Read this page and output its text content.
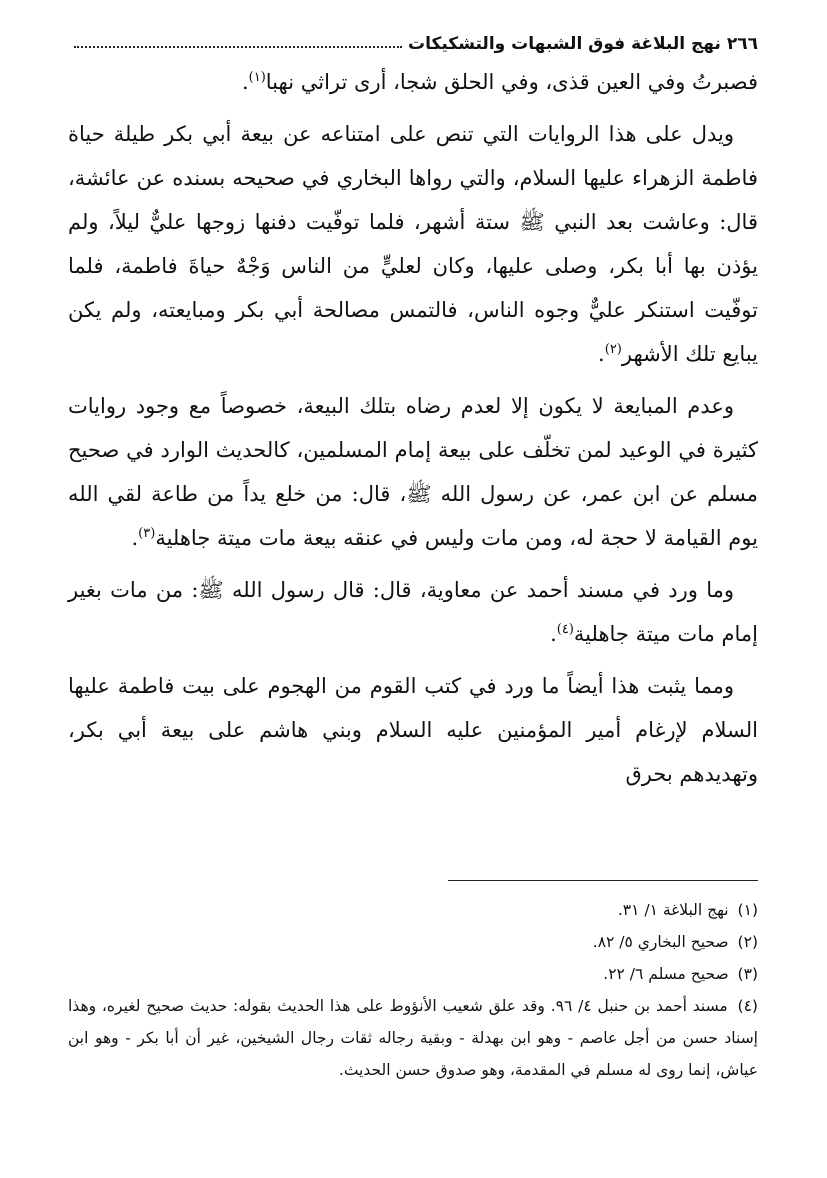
٢٦٦
نهج البلاغة فوق الشبهات والتشكيكات

فصبرتُ وفي العين قذى، وفي الحلق شجا، أرى تراثي نهبا$^{(١)}$.

ويدل على هذا الروايات التي تنص على امتناعه عن بيعة أبي بكر طيلة حياة فاطمة الزهراء عليها السلام، والتي رواها البخاري في صحيحه بسنده عن عائشة، قال: وعاشت بعد النبي ﷺ ستة أشهر، فلما توفّيت دفنها زوجها عليٌّ ليلاً، ولم يؤذن بها أبا بكر، وصلى عليها، وكان لعليٍّ من الناس وَجْهٌ حياةَ فاطمة، فلما توفّيت استنكر عليٌّ وجوه الناس، فالتمس مصالحة أبي بكر ومبايعته، ولم يكن يبايع تلك الأشهر$^{(٢)}$.

وعدم المبايعة لا يكون إلا لعدم رضاه بتلك البيعة، خصوصاً مع وجود روايات كثيرة في الوعيد لمن تخلّف على بيعة إمام المسلمين، كالحديث الوارد في صحيح مسلم عن ابن عمر، عن رسول الله ﷺ، قال: من خلع يداً من طاعة لقي الله يوم القيامة لا حجة له، ومن مات وليس في عنقه بيعة مات ميتة جاهلية$^{(٣)}$.

وما ورد في مسند أحمد عن معاوية، قال: قال رسول الله ﷺ: من مات بغير إمام مات ميتة جاهلية$^{(٤)}$.

ومما يثبت هذا أيضاً ما ورد في كتب القوم من الهجوم على بيت فاطمة عليها السلام لإرغام أمير المؤمنين عليه السلام وبني هاشم على بيعة أبي بكر، وتهديدهم بحرق

(١) نهج البلاغة ١/ ٣١.

(٢) صحيح البخاري ٥/ ٨٢.

(٣) صحيح مسلم ٦/ ٢٢.

(٤) مسند أحمد بن حنبل ٤/ ٩٦. وقد علق شعيب الأنؤوط على هذا الحديث بقوله: حديث صحيح لغيره، وهذا إسناد حسن من أجل عاصم - وهو ابن بهدلة - وبقية رجاله ثقات رجال الشيخين، غير أن أبا بكر - وهو ابن عياش، إنما روى له مسلم في المقدمة، وهو صدوق حسن الحديث.
